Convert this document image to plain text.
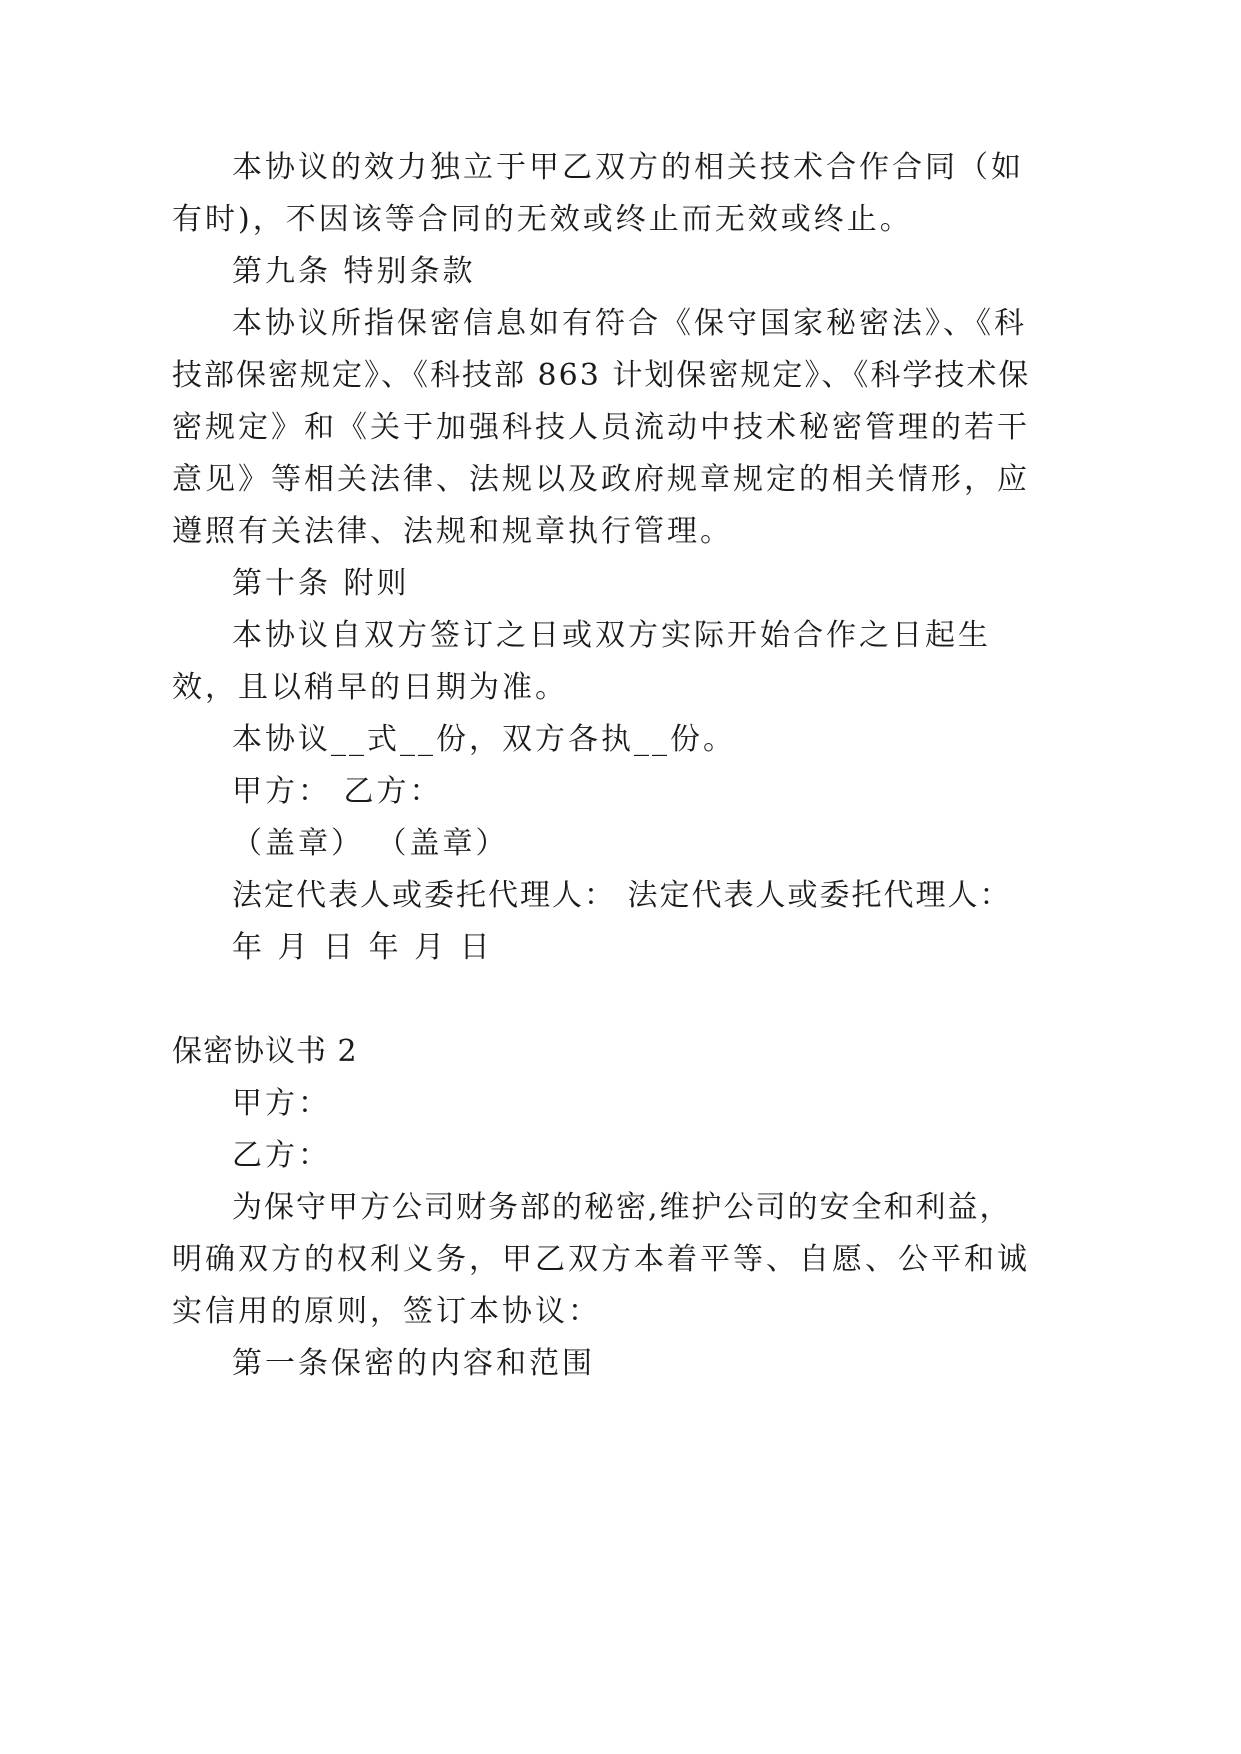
本协议的效力独立于甲乙双方的相关技术合作合同（如
有时)，不因该等合同的无效或终止而无效或终止。
第九条 特别条款
本协议所指保密信息如有符合《保守国家秘密法》、《科
技部保密规定》、《科技部 863 计划保密规定》、《科学技术保
密规定》和《关于加强科技人员流动中技术秘密管理的若干
意见》等相关法律、法规以及政府规章规定的相关情形，应
遵照有关法律、法规和规章执行管理。
第十条 附则
本协议自双方签订之日或双方实际开始合作之日起生
效，且以稍早的日期为准。
本协议__式__份，双方各执__份。
甲方： 乙方：
（盖章） （盖章）
法定代表人或委托代理人： 法定代表人或委托代理人：
年 月 日 年 月 日
保密协议书 2
甲方：
乙方：
为保守甲方公司财务部的秘密,维护公司的安全和利益，
明确双方的权利义务，甲乙双方本着平等、自愿、公平和诚
实信用的原则，签订本协议：
第一条保密的内容和范围
